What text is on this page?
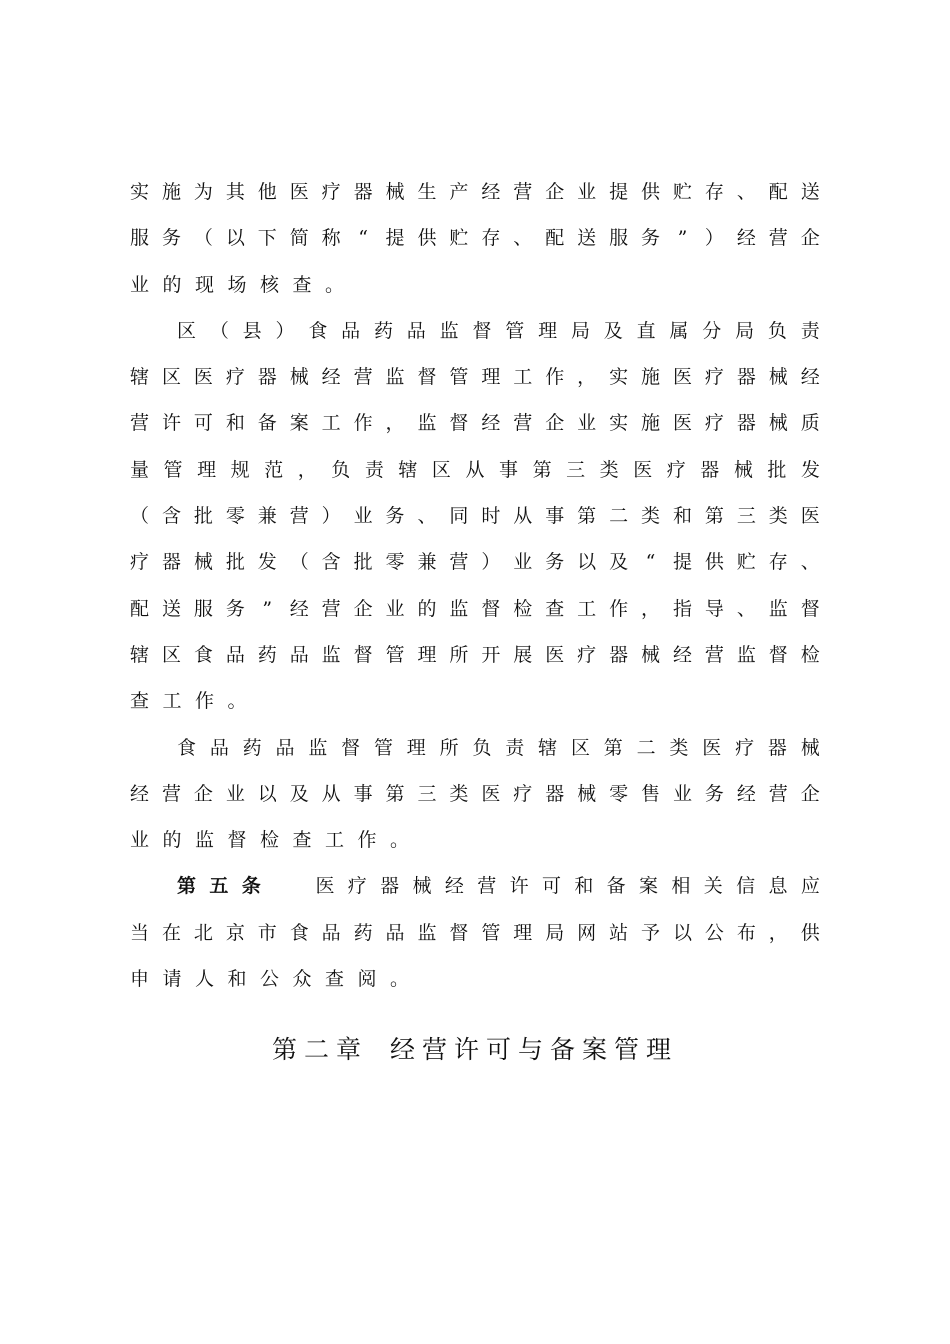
实 施 为 其 他 医 疗 器 械 生 产 经 营 企 业 提 供 贮 存 、 配 送
服 务 （ 以 下 简 称 “ 提 供 贮 存 、 配 送 服 务 ” ） 经 营 企
业 的 现 场 核 查 。
区 （ 县 ） 食 品 药 品 监 督 管 理 局 及 直 属 分 局 负 责
辖 区 医 疗 器 械 经 营 监 督 管 理 工 作 ， 实 施 医 疗 器 械 经
营 许 可 和 备 案 工 作 ， 监 督 经 营 企 业 实 施 医 疗 器 械 质
量 管 理 规 范 ， 负 责 辖 区 从 事 第 三 类 医 疗 器 械 批 发
（ 含 批 零 兼 营 ） 业 务 、 同 时 从 事 第 二 类 和 第 三 类 医
疗 器 械 批 发 （ 含 批 零 兼 营 ） 业 务 以 及 “ 提 供 贮 存 、
配 送 服 务 ” 经 营 企 业 的 监 督 检 查 工 作 ， 指 导 、 监 督
辖 区 食 品 药 品 监 督 管 理 所 开 展 医 疗 器 械 经 营 监 督 检
查 工 作 。
食 品 药 品 监 督 管 理 所 负 责 辖 区 第 二 类 医 疗 器 械
经 营 企 业 以 及 从 事 第 三 类 医 疗 器 械 零 售 业 务 经 营 企
业 的 监 督 检 查 工 作 。
第 五 条	医 疗 器 械 经 营 许 可 和 备 案 相 关 信 息 应
当 在 北 京 市 食 品 药 品 监 督 管 理 局 网 站 予 以 公 布 ， 供
申 请 人 和 公 众 查 阅 。
第二章 经营许可与备案管理
